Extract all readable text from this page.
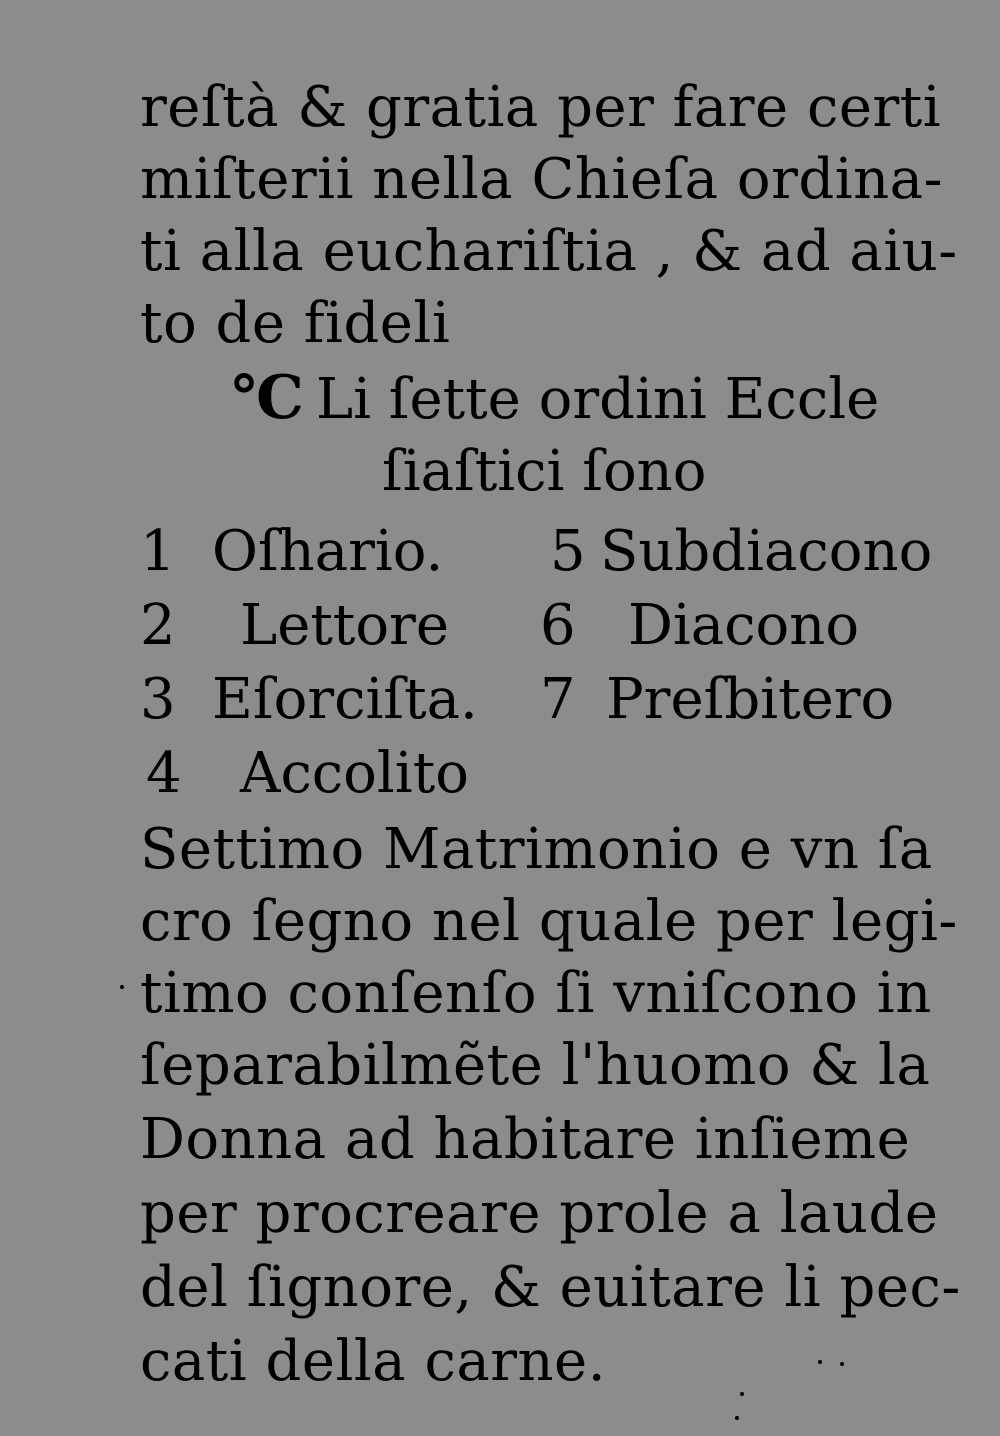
reſtà & gratia per fare certi
miſterii nella Chieſa ordina-
ti alla euchariſtia , & ad aiu-
to de fideli
℃ Li ſette ordini Eccle
ſiaſtici ſono
1 Oſhario. 5 Subdiacono
2 Lettore 6 Diacono
3 Eſorciſta. 7 Preſbitero
4 Accolito
Settimo Matrimonio e vn ſa
cro ſegno nel quale per legi-
timo conſenſo ſi vniſcono in
ſeparabilmẽte l'huomo & la
Donna ad habitare inſieme
per procreare prole a laude
del ſignore, & euitare li pec-
cati della carne.
